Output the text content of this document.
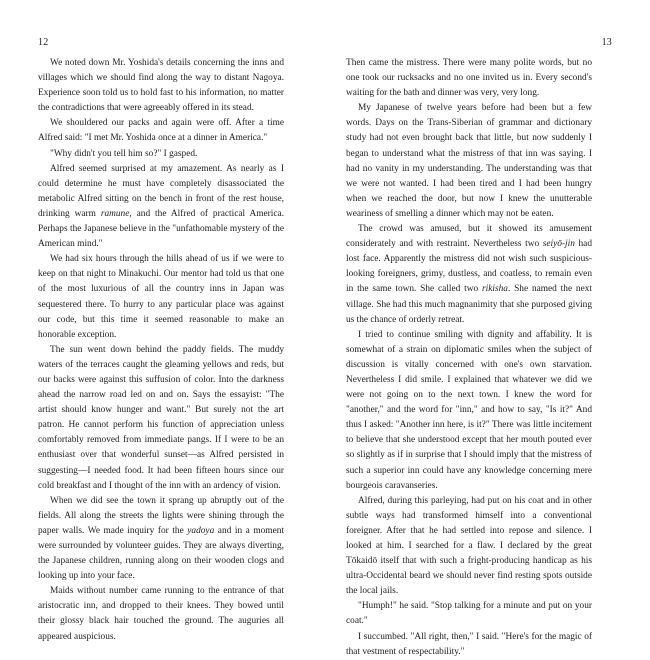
12

We noted down Mr. Yoshida's details concerning the inns and villages which we should find along the way to distant Nagoya. Experience soon told us to hold fast to his information, no matter the contradictions that were agreeably offered in its stead.

We shouldered our packs and again were off. After a time Alfred said: "I met Mr. Yoshida once at a dinner in America."

"Why didn't you tell him so?" I gasped.

Alfred seemed surprised at my amazement. As nearly as I could determine he must have completely disassociated the metabolic Alfred sitting on the bench in front of the rest house, drinking warm ramune, and the Alfred of practical America. Perhaps the Japanese believe in the "unfathomable mystery of the American mind."

We had six hours through the hills ahead of us if we were to keep on that night to Minakuchi. Our mentor had told us that one of the most luxurious of all the country inns in Japan was sequestered there. To hurry to any particular place was against our code, but this time it seemed reasonable to make an honorable exception.

The sun went down behind the paddy fields. The muddy waters of the terraces caught the gleaming yellows and reds, but our backs were against this suffusion of color. Into the darkness ahead the narrow road led on and on. Says the essayist: "The artist should know hunger and want." But surely not the art patron. He cannot perform his function of appreciation unless comfortably removed from immediate pangs. If I were to be an enthusiast over that wonderful sunset—as Alfred persisted in suggesting—I needed food. It had been fifteen hours since our cold breakfast and I thought of the inn with an ardency of vision.

When we did see the town it sprang up abruptly out of the fields. All along the streets the lights were shining through the paper walls. We made inquiry for the yadoya and in a moment were surrounded by volunteer guides. They are always diverting, the Japanese children, running along on their wooden clogs and looking up into your face.

Maids without number came running to the entrance of that aristocratic inn, and dropped to their knees. They bowed until their glossy black hair touched the ground. The auguries all appeared auspicious.

13

Then came the mistress. There were many polite words, but no one took our rucksacks and no one invited us in. Every second's waiting for the bath and dinner was very, very long.

My Japanese of twelve years before had been but a few words. Days on the Trans-Siberian of grammar and dictionary study had not even brought back that little, but now suddenly I began to understand what the mistress of that inn was saying. I had no vanity in my understanding. The understanding was that we were not wanted. I had been tired and I had been hungry when we reached the door, but now I knew the unutterable weariness of smelling a dinner which may not be eaten.

The crowd was amused, but it showed its amusement considerately and with restraint. Nevertheless two seiyō-jin had lost face. Apparently the mistress did not wish such suspicious-looking foreigners, grimy, dustless, and coatless, to remain even in the same town. She called two rikisha. She named the next village. She had this much magnanimity that she purposed giving us the chance of orderly retreat.

I tried to continue smiling with dignity and affability. It is somewhat of a strain on diplomatic smiles when the subject of discussion is vitally concerned with one's own starvation. Nevertheless I did smile. I explained that whatever we did we were not going on to the next town. I knew the word for "another," and the word for "inn," and how to say, "Is it?" And thus I asked: "Another inn here, is it?" There was little incitement to believe that she understood except that her mouth pouted ever so slightly as if in surprise that I should imply that the mistress of such a superior inn could have any knowledge concerning mere bourgeois caravanseries.

Alfred, during this parleying, had put on his coat and in other subtle ways had transformed himself into a conventional foreigner. After that he had settled into repose and silence. I looked at him. I searched for a flaw. I declared by the great Tōkaidō itself that with such a fright-producing handicap as his ultra-Occidental beard we should never find resting spots outside the local jails.

"Humph!" he said. "Stop talking for a minute and put on your coat."

I succumbed. "All right, then," I said. "Here's for the magic of that vestment of respectability."
